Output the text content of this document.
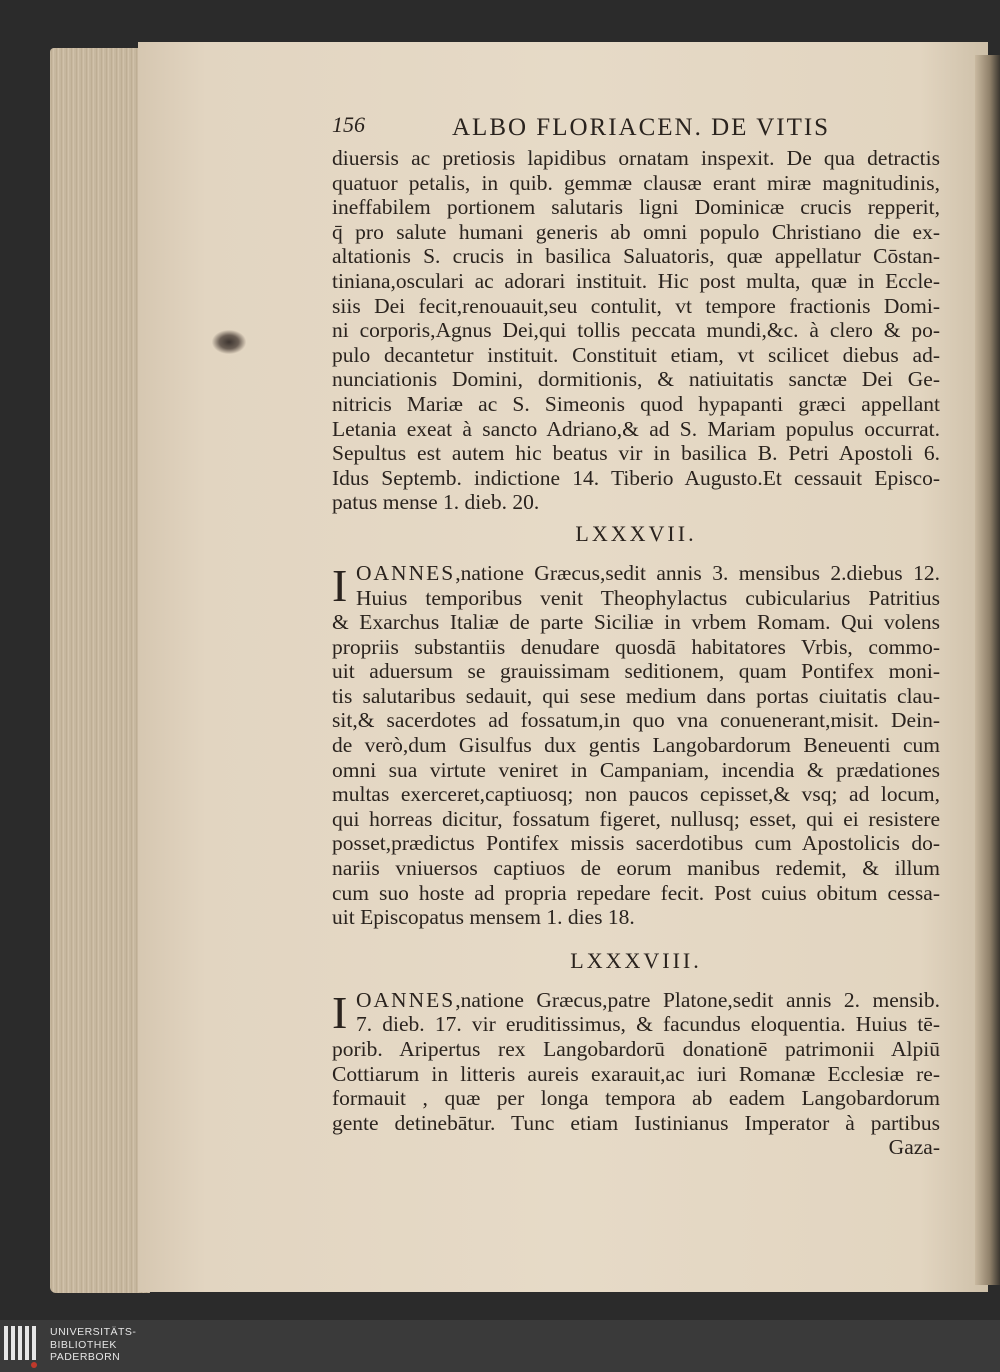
156	ALBO FLORIACEN. DE VITIS
diuersis ac pretiosis lapidibus ornatam inspexit. De qua detractis
quatuor petalis, in quib. gemmæ clausæ erant miræ magnitudinis,
ineffabilem portionem salutaris ligni Dominicæ crucis repperit,
q̄ pro salute humani generis ab omni populo Christiano die ex-
altationis S. crucis in basilica Saluatoris, quæ appellatur Cōstan-
tiniana,osculari ac adorari instituit. Hic post multa, quæ in Eccle-
siis Dei fecit,renouauit,seu contulit, vt tempore fractionis Domi-
ni corporis,Agnus Dei,qui tollis peccata mundi,&c. à clero & po-
pulo decantetur instituit. Constituit etiam, vt scilicet diebus ad-
nunciationis Domini, dormitionis, & natiuitatis sanctæ Dei Ge-
nitricis Mariæ ac S. Simeonis quod hypapanti græci appellant
Letania exeat à sancto Adriano,& ad S. Mariam populus occurrat.
Sepultus est autem hic beatus vir in basilica B. Petri Apostoli 6.
Idus Septemb. indictione 14. Tiberio Augusto.Et cessauit Episco-
patus mense 1. dieb. 20.
LXXXVII.
I OANNES,natione Græcus,sedit annis 3. mensibus 2.diebus 12.
Huius temporibus venit Theophylactus cubicularius Patritius
& Exarchus Italiæ de parte Siciliæ in vrbem Romam. Qui volens
propriis substantiis denudare quosdā habitatores Vrbis, commo-
uit aduersum se grauissimam seditionem, quam Pontifex moni-
tis salutaribus sedauit, qui sese medium dans portas ciuitatis clau-
sit,& sacerdotes ad fossatum,in quo vna conuenerant,misit. Dein-
de verò,dum Gisulfus dux gentis Langobardorum Beneuenti cum
omni sua virtute veniret in Campaniam, incendia & prædationes
multas exerceret,captiuosq; non paucos cepisset,& vsq; ad locum,
qui horreas dicitur, fossatum figeret, nullusq; esset, qui ei resistere
posset,prædictus Pontifex missis sacerdotibus cum Apostolicis do-
nariis vniuersos captiuos de eorum manibus redemit, & illum
cum suo hoste ad propria repedare fecit. Post cuius obitum cessa-
uit Episcopatus mensem 1. dies 18.
LXXXVIII.
I OANNES,natione Græcus,patre Platone,sedit annis 2. mensib.
7. dieb. 17. vir eruditissimus, & facundus eloquentia. Huius tē-
porib. Aripertus rex Langobardorū donationē patrimonii Alpiū
Cottiarum in litteris aureis exarauit,ac iuri Romanæ Ecclesiæ re-
formauit , quæ per longa tempora ab eadem Langobardorum
gente detinebātur. Tunc etiam Iustinianus Imperator à partibus
Gaza-
UNIVERSITÄTS-
BIBLIOTHEK
PADERBORN
